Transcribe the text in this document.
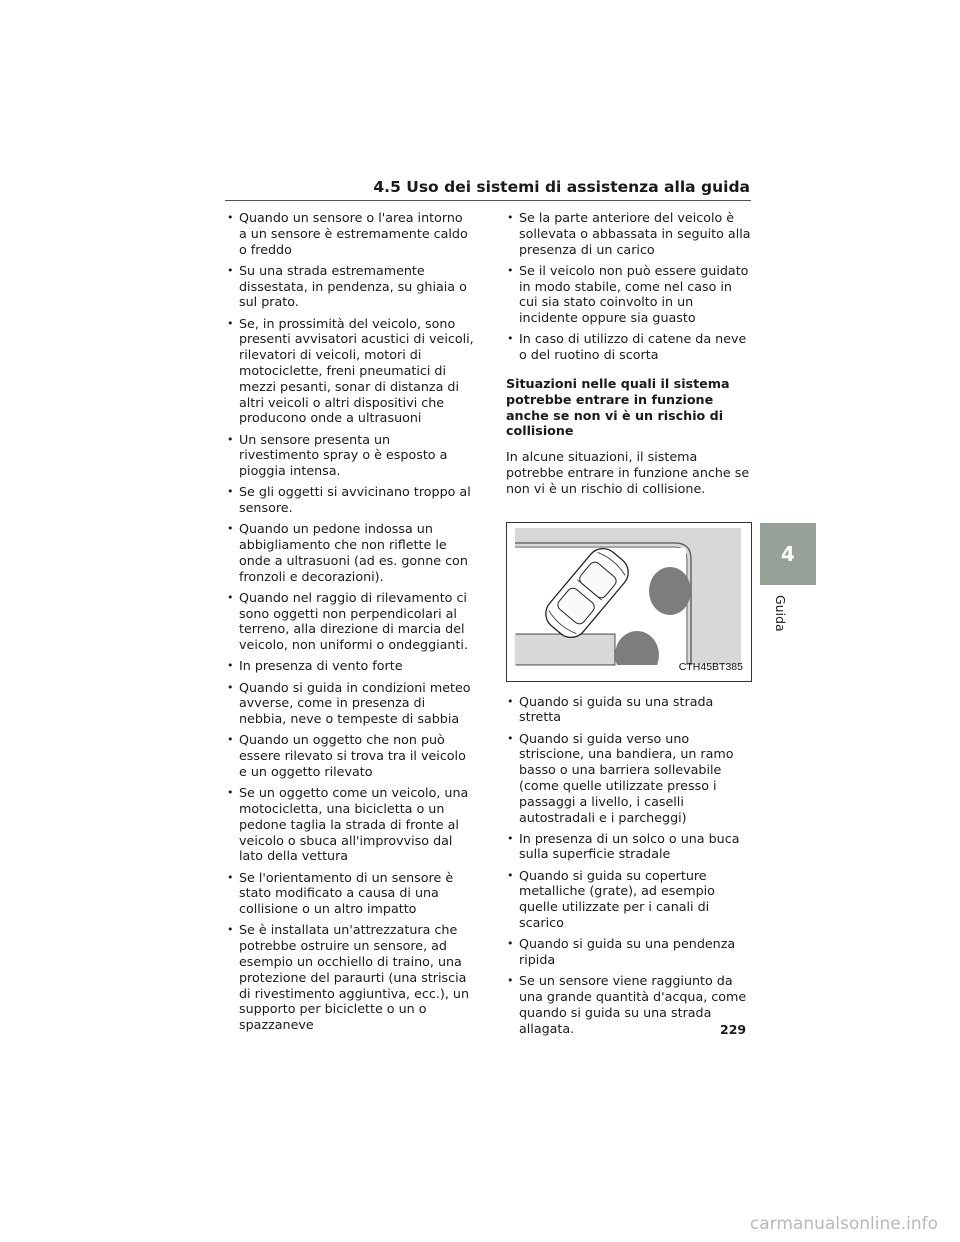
4.5 Uso dei sistemi di assistenza alla guida
• Quando un sensore o l'area intorno a un sensore è estremamente caldo o freddo
• Su una strada estremamente dissestata, in pendenza, su ghiaia o sul prato.
• Se, in prossimità del veicolo, sono presenti avvisatori acustici di veicoli, rilevatori di veicoli, motori di motociclette, freni pneumatici di mezzi pesanti, sonar di distanza di altri veicoli o altri dispositivi che producono onde a ultrasuoni
• Un sensore presenta un rivestimento spray o è esposto a pioggia intensa.
• Se gli oggetti si avvicinano troppo al sensore.
• Quando un pedone indossa un abbigliamento che non riflette le onde a ultrasuoni (ad es. gonne con fronzoli e decorazioni).
• Quando nel raggio di rilevamento ci sono oggetti non perpendicolari al terreno, alla direzione di marcia del veicolo, non uniformi o ondeggianti.
• In presenza di vento forte
• Quando si guida in condizioni meteo avverse, come in presenza di nebbia, neve o tempeste di sabbia
• Quando un oggetto che non può essere rilevato si trova tra il veicolo e un oggetto rilevato
• Se un oggetto come un veicolo, una motocicletta, una bicicletta o un pedone taglia la strada di fronte al veicolo o sbuca all'improvviso dal lato della vettura
• Se l'orientamento di un sensore è stato modificato a causa di una collisione o un altro impatto
• Se è installata un'attrezzatura che potrebbe ostruire un sensore, ad esempio un occhiello di traino, una protezione del paraurti (una striscia di rivestimento aggiuntiva, ecc.), un supporto per biciclette o un o spazzaneve
• Se la parte anteriore del veicolo è sollevata o abbassata in seguito alla presenza di un carico
• Se il veicolo non può essere guidato in modo stabile, come nel caso in cui sia stato coinvolto in un incidente oppure sia guasto
• In caso di utilizzo di catene da neve o del ruotino di scorta
Situazioni nelle quali il sistema potrebbe entrare in funzione anche se non vi è un rischio di collisione

In alcune situazioni, il sistema potrebbe entrare in funzione anche se non vi è un rischio di collisione.

CTH45BT385
• Quando si guida su una strada stretta
• Quando si guida verso uno striscione, una bandiera, un ramo basso o una barriera sollevabile (come quelle utilizzate presso i passaggi a livello, i caselli autostradali e i parcheggi)
• In presenza di un solco o una buca sulla superficie stradale
• Quando si guida su coperture metalliche (grate), ad esempio quelle utilizzate per i canali di scarico
• Quando si guida su una pendenza ripida
• Se un sensore viene raggiunto da una grande quantità d'acqua, come quando si guida su una strada allagata.
4
Guida
229
carmanualsonline.info
